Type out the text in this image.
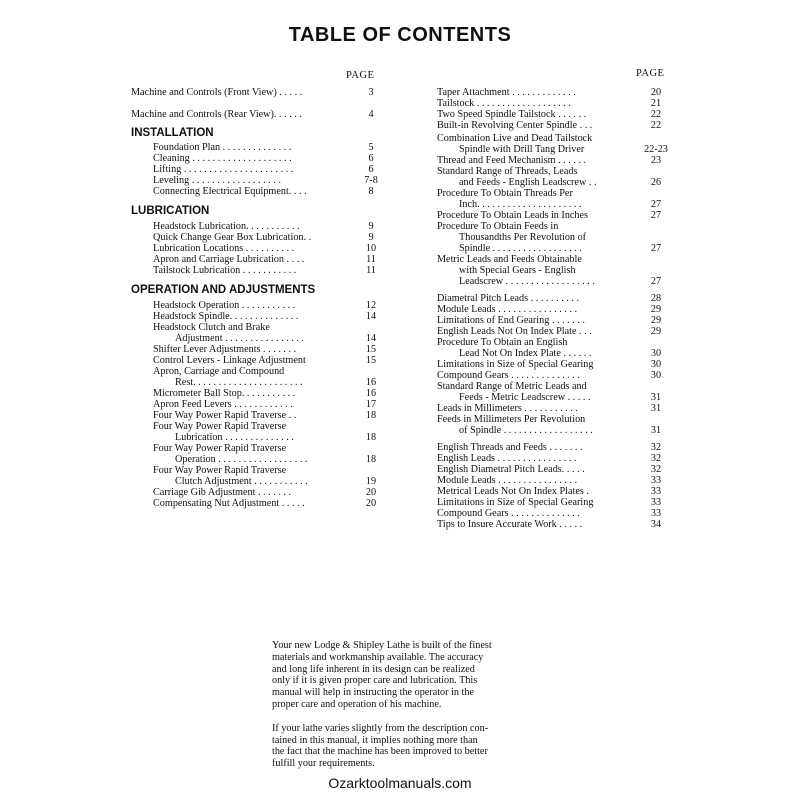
TABLE OF CONTENTS
PAGE	PAGE
Machine and Controls (Front View) . . . . .	3
Machine and Controls (Rear View). . . . . .	4
INSTALLATION
Foundation Plan . . . . . . . . . . . . . .	5
Cleaning . . . . . . . . . . . . . . . . . . . .	6
Lifting . . . . . . . . . . . . . . . . . . . . . .	6
Leveling . . . . . . . . . . . . . . . . . .	7-8
Connecting Electrical Equipment. . . .	8
LUBRICATION
Headstock Lubrication. . . . . . . . . . .	9
Quick Change Gear Box Lubrication. .	9
Lubrication Locations . . . . . . . . . .	10
Apron and Carriage Lubrication . . . .	11
Tailstock Lubrication . . . . . . . . . . .	11
OPERATION AND ADJUSTMENTS
Headstock Operation . . . . . . . . . . .	12
Headstock Spindle. . . . . . . . . . . . . .	14
Headstock Clutch and Brake
Adjustment . . . . . . . . . . . . . . . .	14
Shifter Lever Adjustments . . . . . . .	15
Control Levers - Linkage Adjustment	15
Apron, Carriage and Compound
Rest. . . . . . . . . . . . . . . . . . . . . .	16
Micrometer Ball Stop. . . . . . . . . . .	16
Apron Feed Levers . . . . . . . . . . . .	17
Four Way Power Rapid Traverse . .	18
Four Way Power Rapid Traverse
Lubrication . . . . . . . . . . . . . .	18
Four Way Power Rapid Traverse
Operation . . . . . . . . . . . . . . . . . .	18
Four Way Power Rapid Traverse
Clutch Adjustment . . . . . . . . . . .	19
Carriage Gib Adjustment . . . . . . .	20
Compensating Nut Adjustment . . . . .	20
Taper Attachment . . . . . . . . . . . . .	20
Tailstock . . . . . . . . . . . . . . . . . . .	21
Two Speed Spindle Tailstock . . . . . .	22
Built-in Revolving Center Spindle . . .	22
Combination Live and Dead Tailstock
Spindle with Drill Tang Driver	22-23
Thread and Feed Mechanism . . . . . .	23
Standard Range of Threads, Leads
and Feeds - English Leadscrew . .	26
Procedure To Obtain Threads Per
Inch. . . . . . . . . . . . . . . . . . . . .	27
Procedure To Obtain Leads in Inches	27
Procedure To Obtain Feeds in
Thousandths Per Revolution of
Spindle . . . . . . . . . . . . . . . . . .	27
Metric Leads and Feeds Obtainable
with Special Gears - English
Leadscrew . . . . . . . . . . . . . . . . . .	27
Diametral Pitch Leads . . . . . . . . . .	28
Module Leads . . . . . . . . . . . . . . . .	29
Limitations of End Gearing . . . . . . .	29
English Leads Not On Index Plate . . .	29
Procedure To Obtain an English
Lead Not On Index Plate . . . . . .	30
Limitations in Size of Special Gearing	30
Compound Gears . . . . . . . . . . . . . .	30
Standard Range of Metric Leads and
Feeds - Metric Leadscrew . . . . .	31
Leads in Millimeters . . . . . . . . . . .	31
Feeds in Millimeters Per Revolution
of Spindle . . . . . . . . . . . . . . . . . .	31
English Threads and Feeds . . . . . . .	32
English Leads . . . . . . . . . . . . . . . .	32
English Diametral Pitch Leads. . . . .	32
Module Leads . . . . . . . . . . . . . . . .	33
Metrical Leads Not On Index Plates .	33
Limitations in Size of Special Gearing	33
Compound Gears . . . . . . . . . . . . . .	33
Tips to Insure Accurate Work . . . . .	34

Your new Lodge & Shipley Lathe is built of the finest
materials and workmanship available. The accuracy
and long life inherent in its design can be realized
only if it is given proper care and lubrication. This
manual will help in instructing the operator in the
proper care and operation of his machine.

If your lathe varies slightly from the description con-
tained in this manual, it implies nothing more than
the fact that the machine has been improved to better
fulfill your requirements.

Ozarktoolmanuals.com
